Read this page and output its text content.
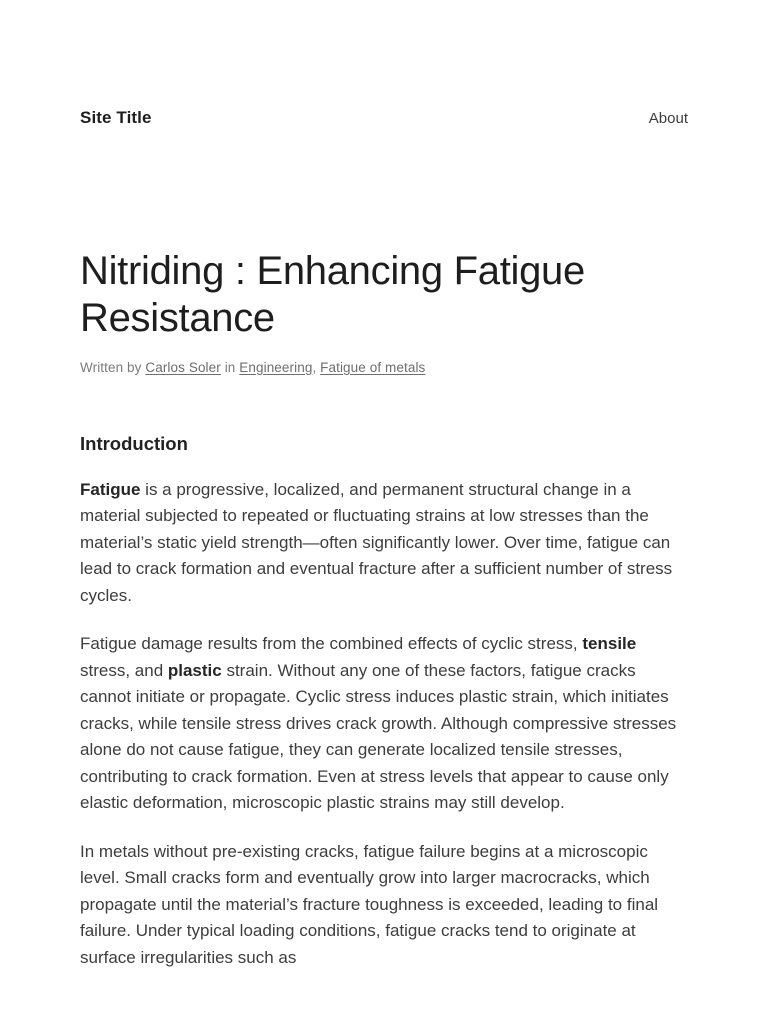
Site Title	About
Nitriding : Enhancing Fatigue Resistance

Written by Carlos Soler in Engineering, Fatigue of metals

Introduction

Fatigue is a progressive, localized, and permanent structural change in a material subjected to repeated or fluctuating strains at low stresses than the material’s static yield strength—often significantly lower. Over time, fatigue can lead to crack formation and eventual fracture after a sufficient number of stress cycles.

Fatigue damage results from the combined effects of cyclic stress, tensile stress, and plastic strain. Without any one of these factors, fatigue cracks cannot initiate or propagate. Cyclic stress induces plastic strain, which initiates cracks, while tensile stress drives crack growth. Although compressive stresses alone do not cause fatigue, they can generate localized tensile stresses, contributing to crack formation. Even at stress levels that appear to cause only elastic deformation, microscopic plastic strains may still develop.

In metals without pre-existing cracks, fatigue failure begins at a microscopic level. Small cracks form and eventually grow into larger macrocracks, which propagate until the material’s fracture toughness is exceeded, leading to final failure. Under typical loading conditions, fatigue cracks tend to originate at surface irregularities such as
